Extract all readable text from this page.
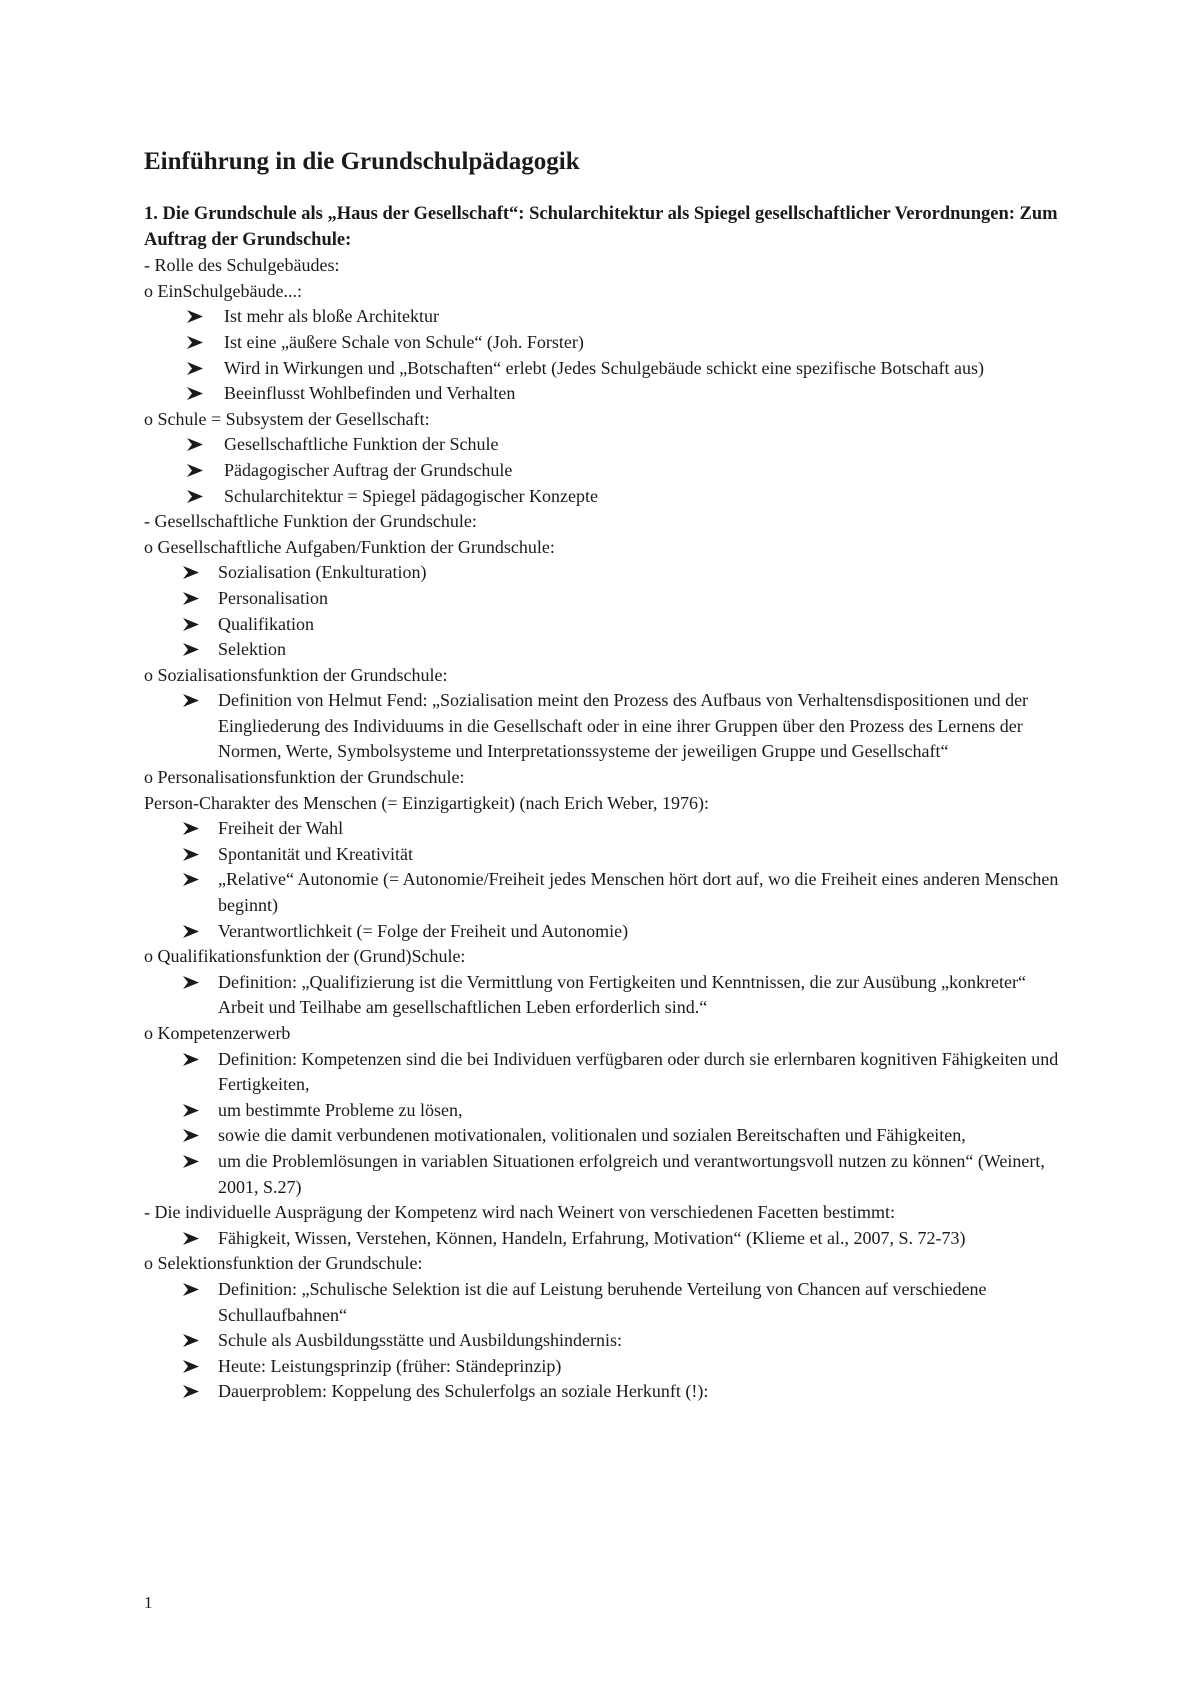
Einführung in die Grundschulpädagogik

1. Die Grundschule als „Haus der Gesellschaft“: Schularchitektur als Spiegel gesellschaftlicher Verordnungen: Zum Auftrag der Grundschule:

- Rolle des Schulgebäudes:

o EinSchulgebäude...:

Ist mehr als bloße Architektur
Ist eine „äußere Schale von Schule“ (Joh. Forster)
Wird in Wirkungen und „Botschaften“ erlebt (Jedes Schulgebäude schickt eine spezifische Botschaft aus)
Beeinflusst Wohlbefinden und Verhalten

o Schule = Subsystem der Gesellschaft:

Gesellschaftliche Funktion der Schule
Pädagogischer Auftrag der Grundschule
Schularchitektur = Spiegel pädagogischer Konzepte

- Gesellschaftliche Funktion der Grundschule:

o Gesellschaftliche Aufgaben/Funktion der Grundschule:

Sozialisation (Enkulturation)
Personalisation
Qualifikation
Selektion

o Sozialisationsfunktion der Grundschule:

Definition von Helmut Fend: „Sozialisation meint den Prozess des Aufbaus von Verhaltensdispositionen und der Eingliederung des Individuums in die Gesellschaft oder in eine ihrer Gruppen über den Prozess des Lernens der Normen, Werte, Symbolsysteme und Interpretationssysteme der jeweiligen Gruppe und Gesellschaft“

o Personalisationsfunktion der Grundschule:

Person-Charakter des Menschen (= Einzigartigkeit) (nach Erich Weber, 1976):

Freiheit der Wahl
Spontanität und Kreativität
„Relative“ Autonomie (= Autonomie/Freiheit jedes Menschen hört dort auf, wo die Freiheit eines anderen Menschen beginnt)
Verantwortlichkeit (= Folge der Freiheit und Autonomie)

o Qualifikationsfunktion der (Grund)Schule:

Definition: „Qualifizierung ist die Vermittlung von Fertigkeiten und Kenntnissen, die zur Ausübung „konkreter“ Arbeit und Teilhabe am gesellschaftlichen Leben erforderlich sind.“

o Kompetenzerwerb

Definition: Kompetenzen sind die bei Individuen verfügbaren oder durch sie erlernbaren kognitiven Fähigkeiten und Fertigkeiten,
um bestimmte Probleme zu lösen,
sowie die damit verbundenen motivationalen, volitionalen und sozialen Bereitschaften und Fähigkeiten,
um die Problemlösungen in variablen Situationen erfolgreich und verantwortungsvoll nutzen zu können“ (Weinert, 2001, S.27)

- Die individuelle Ausprägung der Kompetenz wird nach Weinert von verschiedenen Facetten bestimmt:

Fähigkeit, Wissen, Verstehen, Können, Handeln, Erfahrung, Motivation“ (Klieme et al., 2007, S. 72-73)

o Selektionsfunktion der Grundschule:

Definition: „Schulische Selektion ist die auf Leistung beruhende Verteilung von Chancen auf verschiedene Schullaufbahnen“
Schule als Ausbildungsstätte und Ausbildungshindernis:
Heute: Leistungsprinzip (früher: Ständeprinzip)
Dauerproblem: Koppelung des Schulerfolgs an soziale Herkunft (!):
1
